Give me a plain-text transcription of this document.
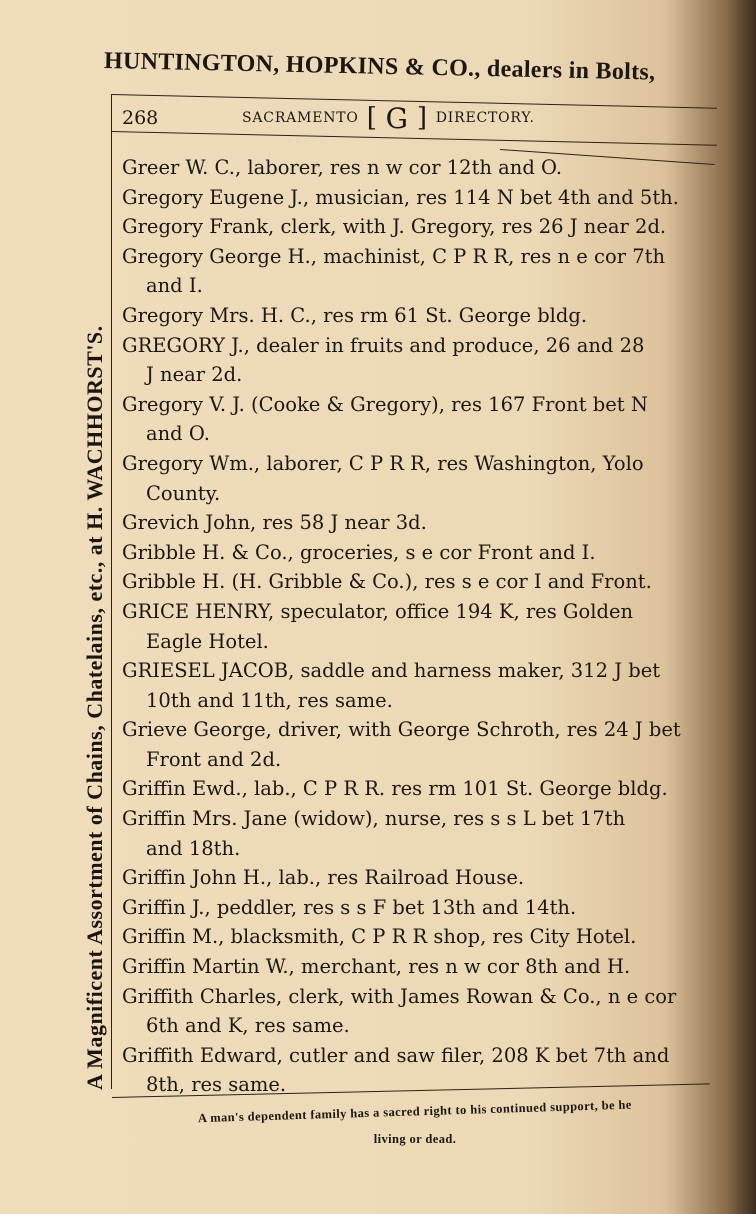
A Magnificent Assortment of Chains, Chatelains, etc., at H. WACHHORST'S.
HUNTINGTON, HOPKINS & CO., dealers in Bolts,
268	SACRAMENTO [ G ] DIRECTORY.
Greer W. C., laborer, res n w cor 12th and O.
Gregory Eugene J., musician, res 114 N bet 4th and 5th.
Gregory Frank, clerk, with J. Gregory, res 26 J near 2d.
Gregory George H., machinist, C P R R, res n e cor 7th
and I.
Gregory Mrs. H. C., res rm 61 St. George bldg.
GREGORY J., dealer in fruits and produce, 26 and 28
J near 2d.
Gregory V. J. (Cooke & Gregory), res 167 Front bet N
and O.
Gregory Wm., laborer, C P R R, res Washington, Yolo
County.
Grevich John, res 58 J near 3d.
Gribble H. & Co., groceries, s e cor Front and I.
Gribble H. (H. Gribble & Co.), res s e cor I and Front.
GRICE HENRY, speculator, office 194 K, res Golden
Eagle Hotel.
GRIESEL JACOB, saddle and harness maker, 312 J bet
10th and 11th, res same.
Grieve George, driver, with George Schroth, res 24 J bet
Front and 2d.
Griffin Ewd., lab., C P R R. res rm 101 St. George bldg.
Griffin Mrs. Jane (widow), nurse, res s s L bet 17th
and 18th.
Griffin John H., lab., res Railroad House.
Griffin J., peddler, res s s F bet 13th and 14th.
Griffin M., blacksmith, C P R R shop, res City Hotel.
Griffin Martin W., merchant, res n w cor 8th and H.
Griffith Charles, clerk, with James Rowan & Co., n e cor
6th and K, res same.
Griffith Edward, cutler and saw filer, 208 K bet 7th and
8th, res same.
A man's dependent family has a sacred right to his continued support, be he
living or dead.
